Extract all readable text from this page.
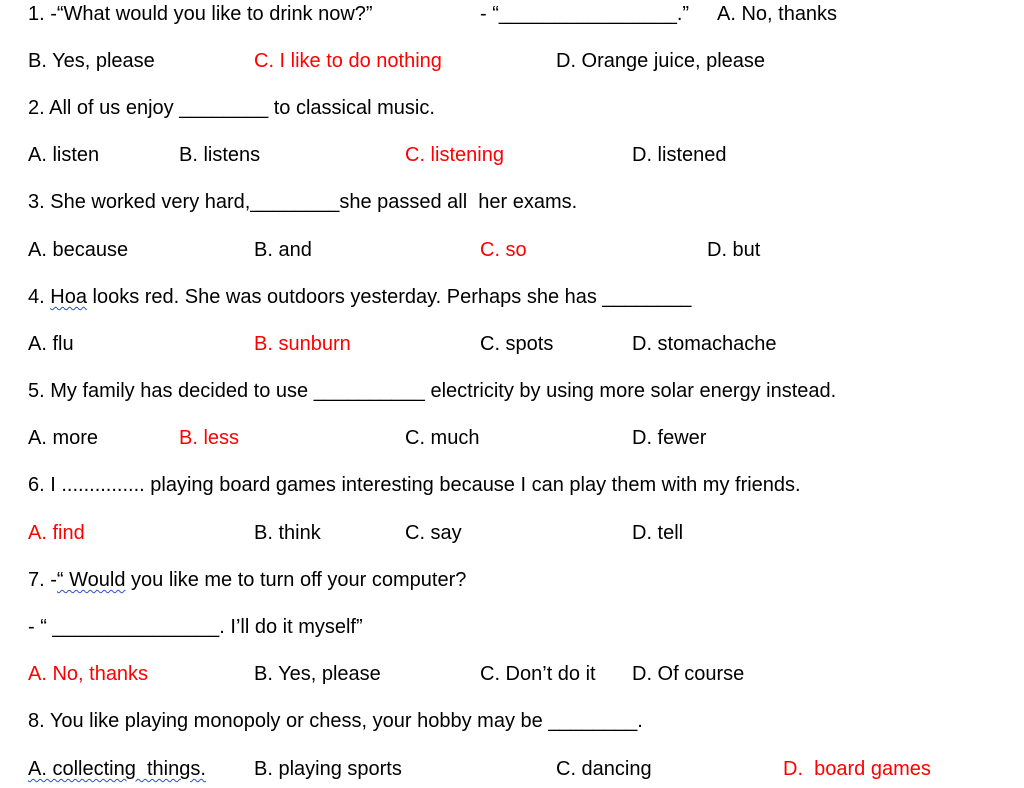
1. -“What would you like to drink now?”	- “________________.” A. No, thanks
B. Yes, please	C. I like to do nothing	D. Orange juice, please
2. All of us enjoy ________ to classical music.
A. listen	B. listens	C. listening	D. listened
3. She worked very hard,________she passed all  her exams.
A. because	B. and	C. so	D. but
4. Hoa looks red. She was outdoors yesterday. Perhaps she has ________
A. flu	B. sunburn	C. spots	D. stomachache
5. My family has decided to use __________ electricity by using more solar energy instead.
A. more	B. less	C. much	D. fewer
6. I ............... playing board games interesting because I can play them with my friends.
A. find	B. think	C. say	D. tell
7. -“ Would you like me to turn off your computer?
- “ _______________. I’ll do it myself”
A. No, thanks	B. Yes, please	C. Don’t do it D. Of course
8. You like playing monopoly or chess, your hobby may be ________.
A. collecting  things. B. playing sports	C. dancing	D.  board games
